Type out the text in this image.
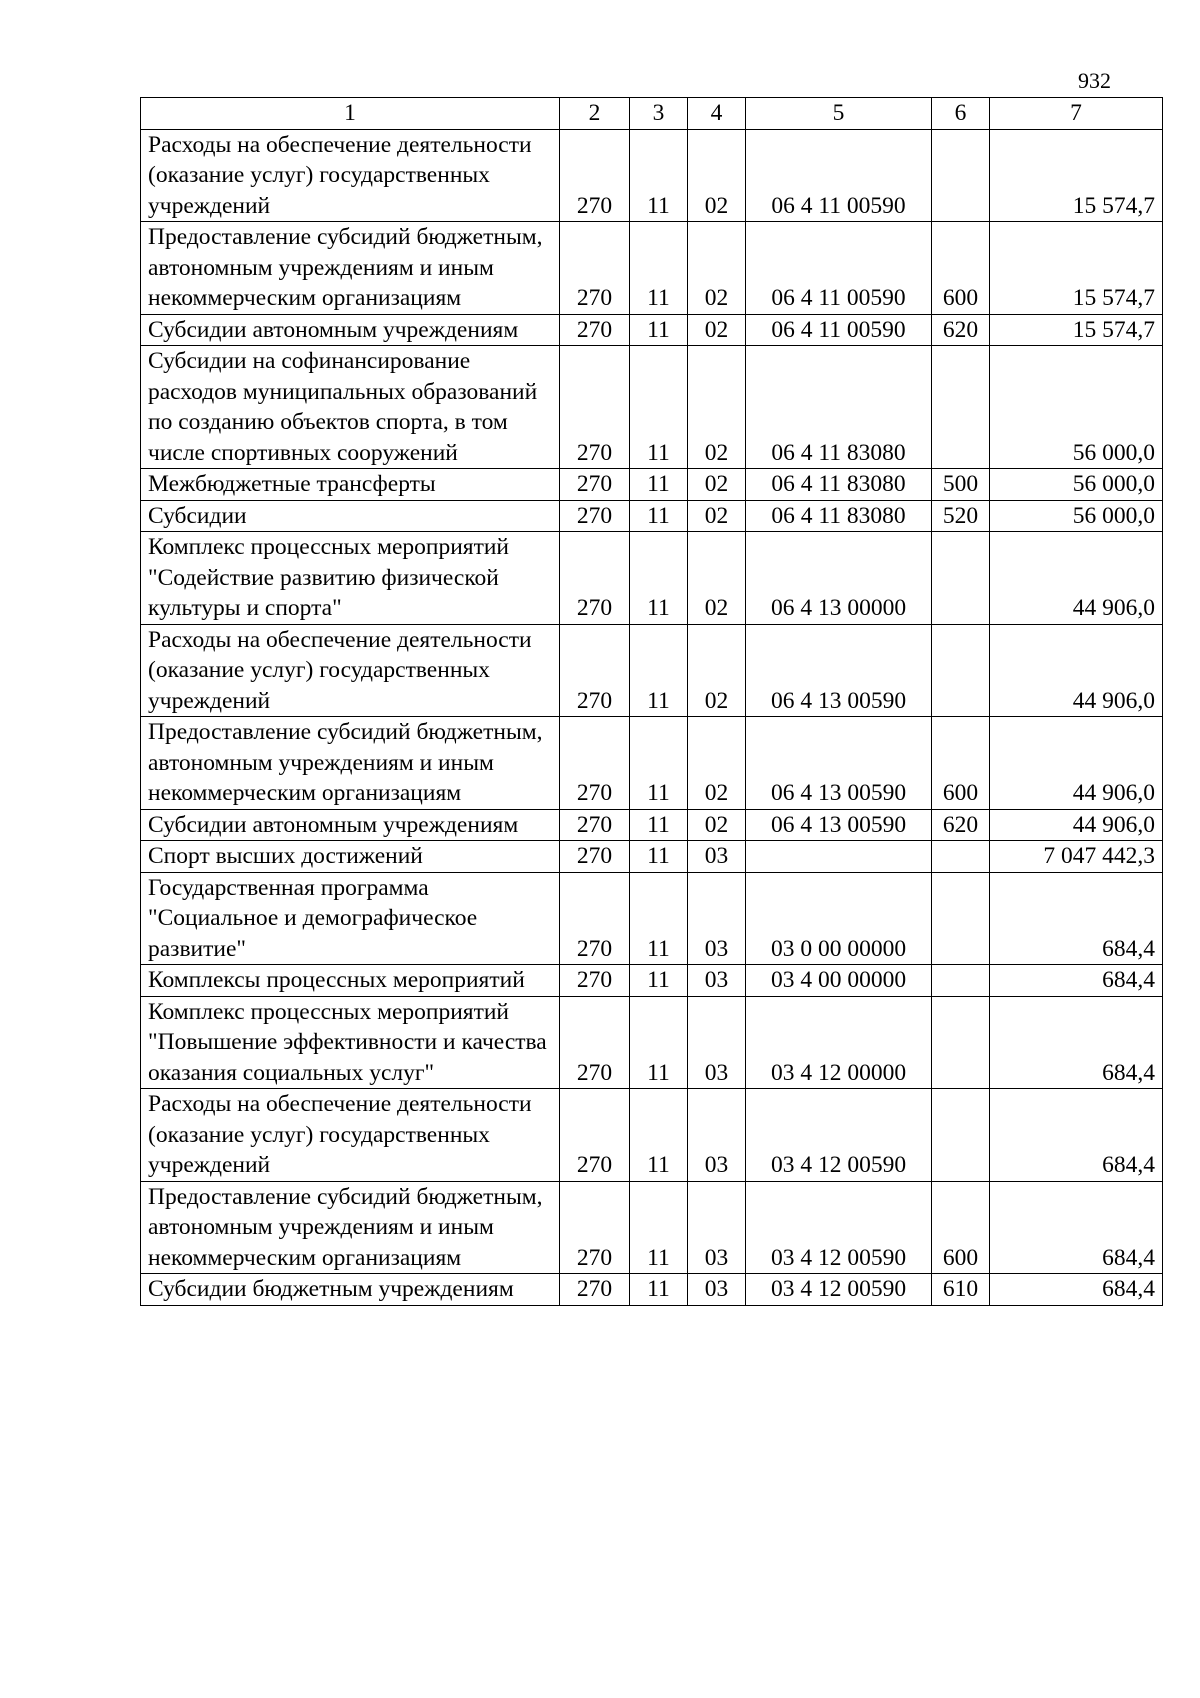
932
1	2	3	4	5	6	7
Расходы на обеспечение деятельности (оказание услуг) государственных учреждений	270	11	02	06 4 11 00590		15 574,7
Предоставление субсидий бюджетным, автономным учреждениям и иным некоммерческим организациям	270	11	02	06 4 11 00590	600	15 574,7
Субсидии автономным учреждениям	270	11	02	06 4 11 00590	620	15 574,7
Субсидии на софинансирование расходов муниципальных образований по созданию объектов спорта, в том числе спортивных сооружений	270	11	02	06 4 11 83080		56 000,0
Межбюджетные трансферты	270	11	02	06 4 11 83080	500	56 000,0
Субсидии	270	11	02	06 4 11 83080	520	56 000,0
Комплекс процессных мероприятий "Содействие развитию физической культуры и спорта"	270	11	02	06 4 13 00000		44 906,0
Расходы на обеспечение деятельности (оказание услуг) государственных учреждений	270	11	02	06 4 13 00590		44 906,0
Предоставление субсидий бюджетным, автономным учреждениям и иным некоммерческим организациям	270	11	02	06 4 13 00590	600	44 906,0
Субсидии автономным учреждениям	270	11	02	06 4 13 00590	620	44 906,0
Спорт высших достижений	270	11	03			7 047 442,3
Государственная программа "Социальное и демографическое развитие"	270	11	03	03 0 00 00000		684,4
Комплексы процессных мероприятий	270	11	03	03 4 00 00000		684,4
Комплекс процессных мероприятий "Повышение эффективности и качества оказания социальных услуг"	270	11	03	03 4 12 00000		684,4
Расходы на обеспечение деятельности (оказание услуг) государственных учреждений	270	11	03	03 4 12 00590		684,4
Предоставление субсидий бюджетным, автономным учреждениям и иным некоммерческим организациям	270	11	03	03 4 12 00590	600	684,4
Субсидии бюджетным учреждениям	270	11	03	03 4 12 00590	610	684,4
